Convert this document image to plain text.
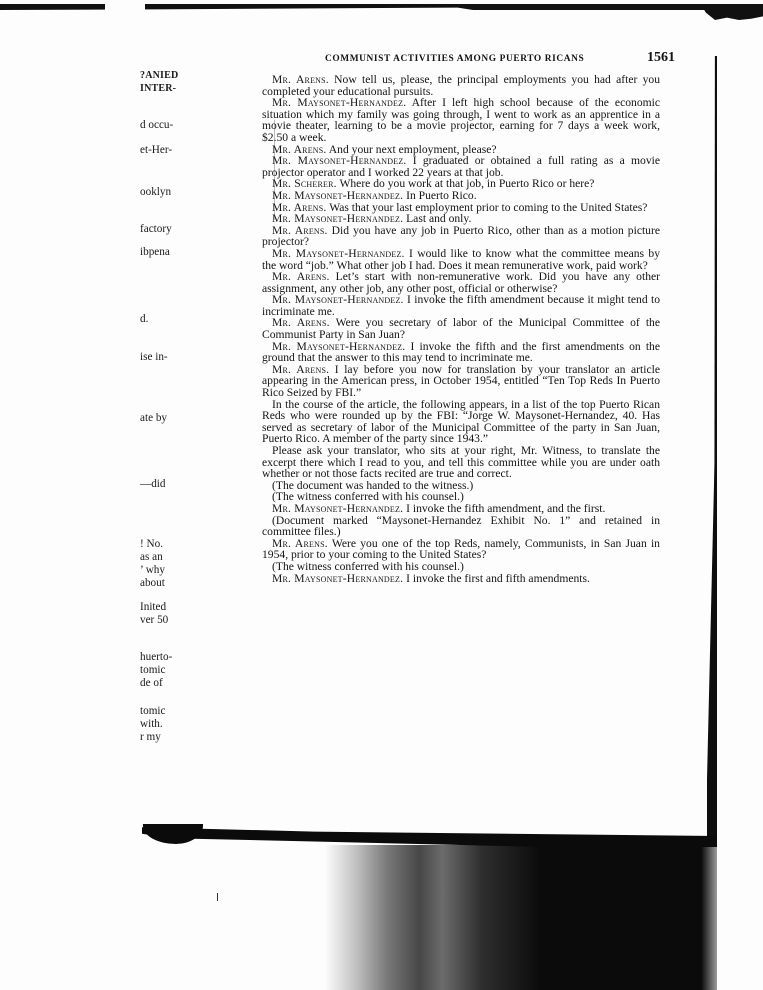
COMMUNIST ACTIVITIES AMONG PUERTO RICANS	1561

Mr. Arens. Now tell us, please, the principal employments you had after you completed your educational pursuits.

Mr. Maysonet-Hernandez. After I left high school because of the economic situation which my family was going through, I went to work as an apprentice in a movie theater, learning to be a movie projector, earning for 7 days a week work, $2.50 a week.

Mr. Arens. And your next employment, please?

Mr. Maysonet-Hernandez. I graduated or obtained a full rating as a movie projector operator and I worked 22 years at that job.

Mr. Scherer. Where do you work at that job, in Puerto Rico or here?

Mr. Maysonet-Hernandez. In Puerto Rico.

Mr. Arens. Was that your last employment prior to coming to the United States?

Mr. Maysonet-Hernandez. Last and only.

Mr. Arens. Did you have any job in Puerto Rico, other than as a motion picture projector?

Mr. Maysonet-Hernandez. I would like to know what the committee means by the word “job.” What other job I had. Does it mean remunerative work, paid work?

Mr. Arens. Let’s start with non-remunerative work. Did you have any other assignment, any other job, any other post, official or otherwise?

Mr. Maysonet-Hernandez. I invoke the fifth amendment because it might tend to incriminate me.

Mr. Arens. Were you secretary of labor of the Municipal Committee of the Communist Party in San Juan?

Mr. Maysonet-Hernandez. I invoke the fifth and the first amendments on the ground that the answer to this may tend to incriminate me.

Mr. Arens. I lay before you now for translation by your translator an article appearing in the American press, in October 1954, entitled “Ten Top Reds In Puerto Rico Seized by FBI.”

In the course of the article, the following appears, in a list of the top Puerto Rican Reds who were rounded up by the FBI: “Jorge W. Maysonet-Hernandez, 40. Has served as secretary of labor of the Municipal Committee of the party in San Juan, Puerto Rico. A member of the party since 1943.”

Please ask your translator, who sits at your right, Mr. Witness, to translate the excerpt there which I read to you, and tell this committee while you are under oath whether or not those facts recited are true and correct.

(The document was handed to the witness.)

(The witness conferred with his counsel.)

Mr. Maysonet-Hernandez. I invoke the fifth amendment, and the first.

(Document marked “Maysonet-Hernandez Exhibit No. 1” and retained in committee files.)

Mr. Arens. Were you one of the top Reds, namely, Communists, in San Juan in 1954, prior to your coming to the United States?

(The witness conferred with his counsel.)

Mr. Maysonet-Hernandez. I invoke the first and fifth amendments.

?ANIED
INTER-
d occu-
et-Her-
ooklyn
factory
ibpena
d.
ise in-
ate by
—did
! No.
as an
’ why
about
Inited
ver 50
huerto-
tomic
de of
tomic
with.
r my
